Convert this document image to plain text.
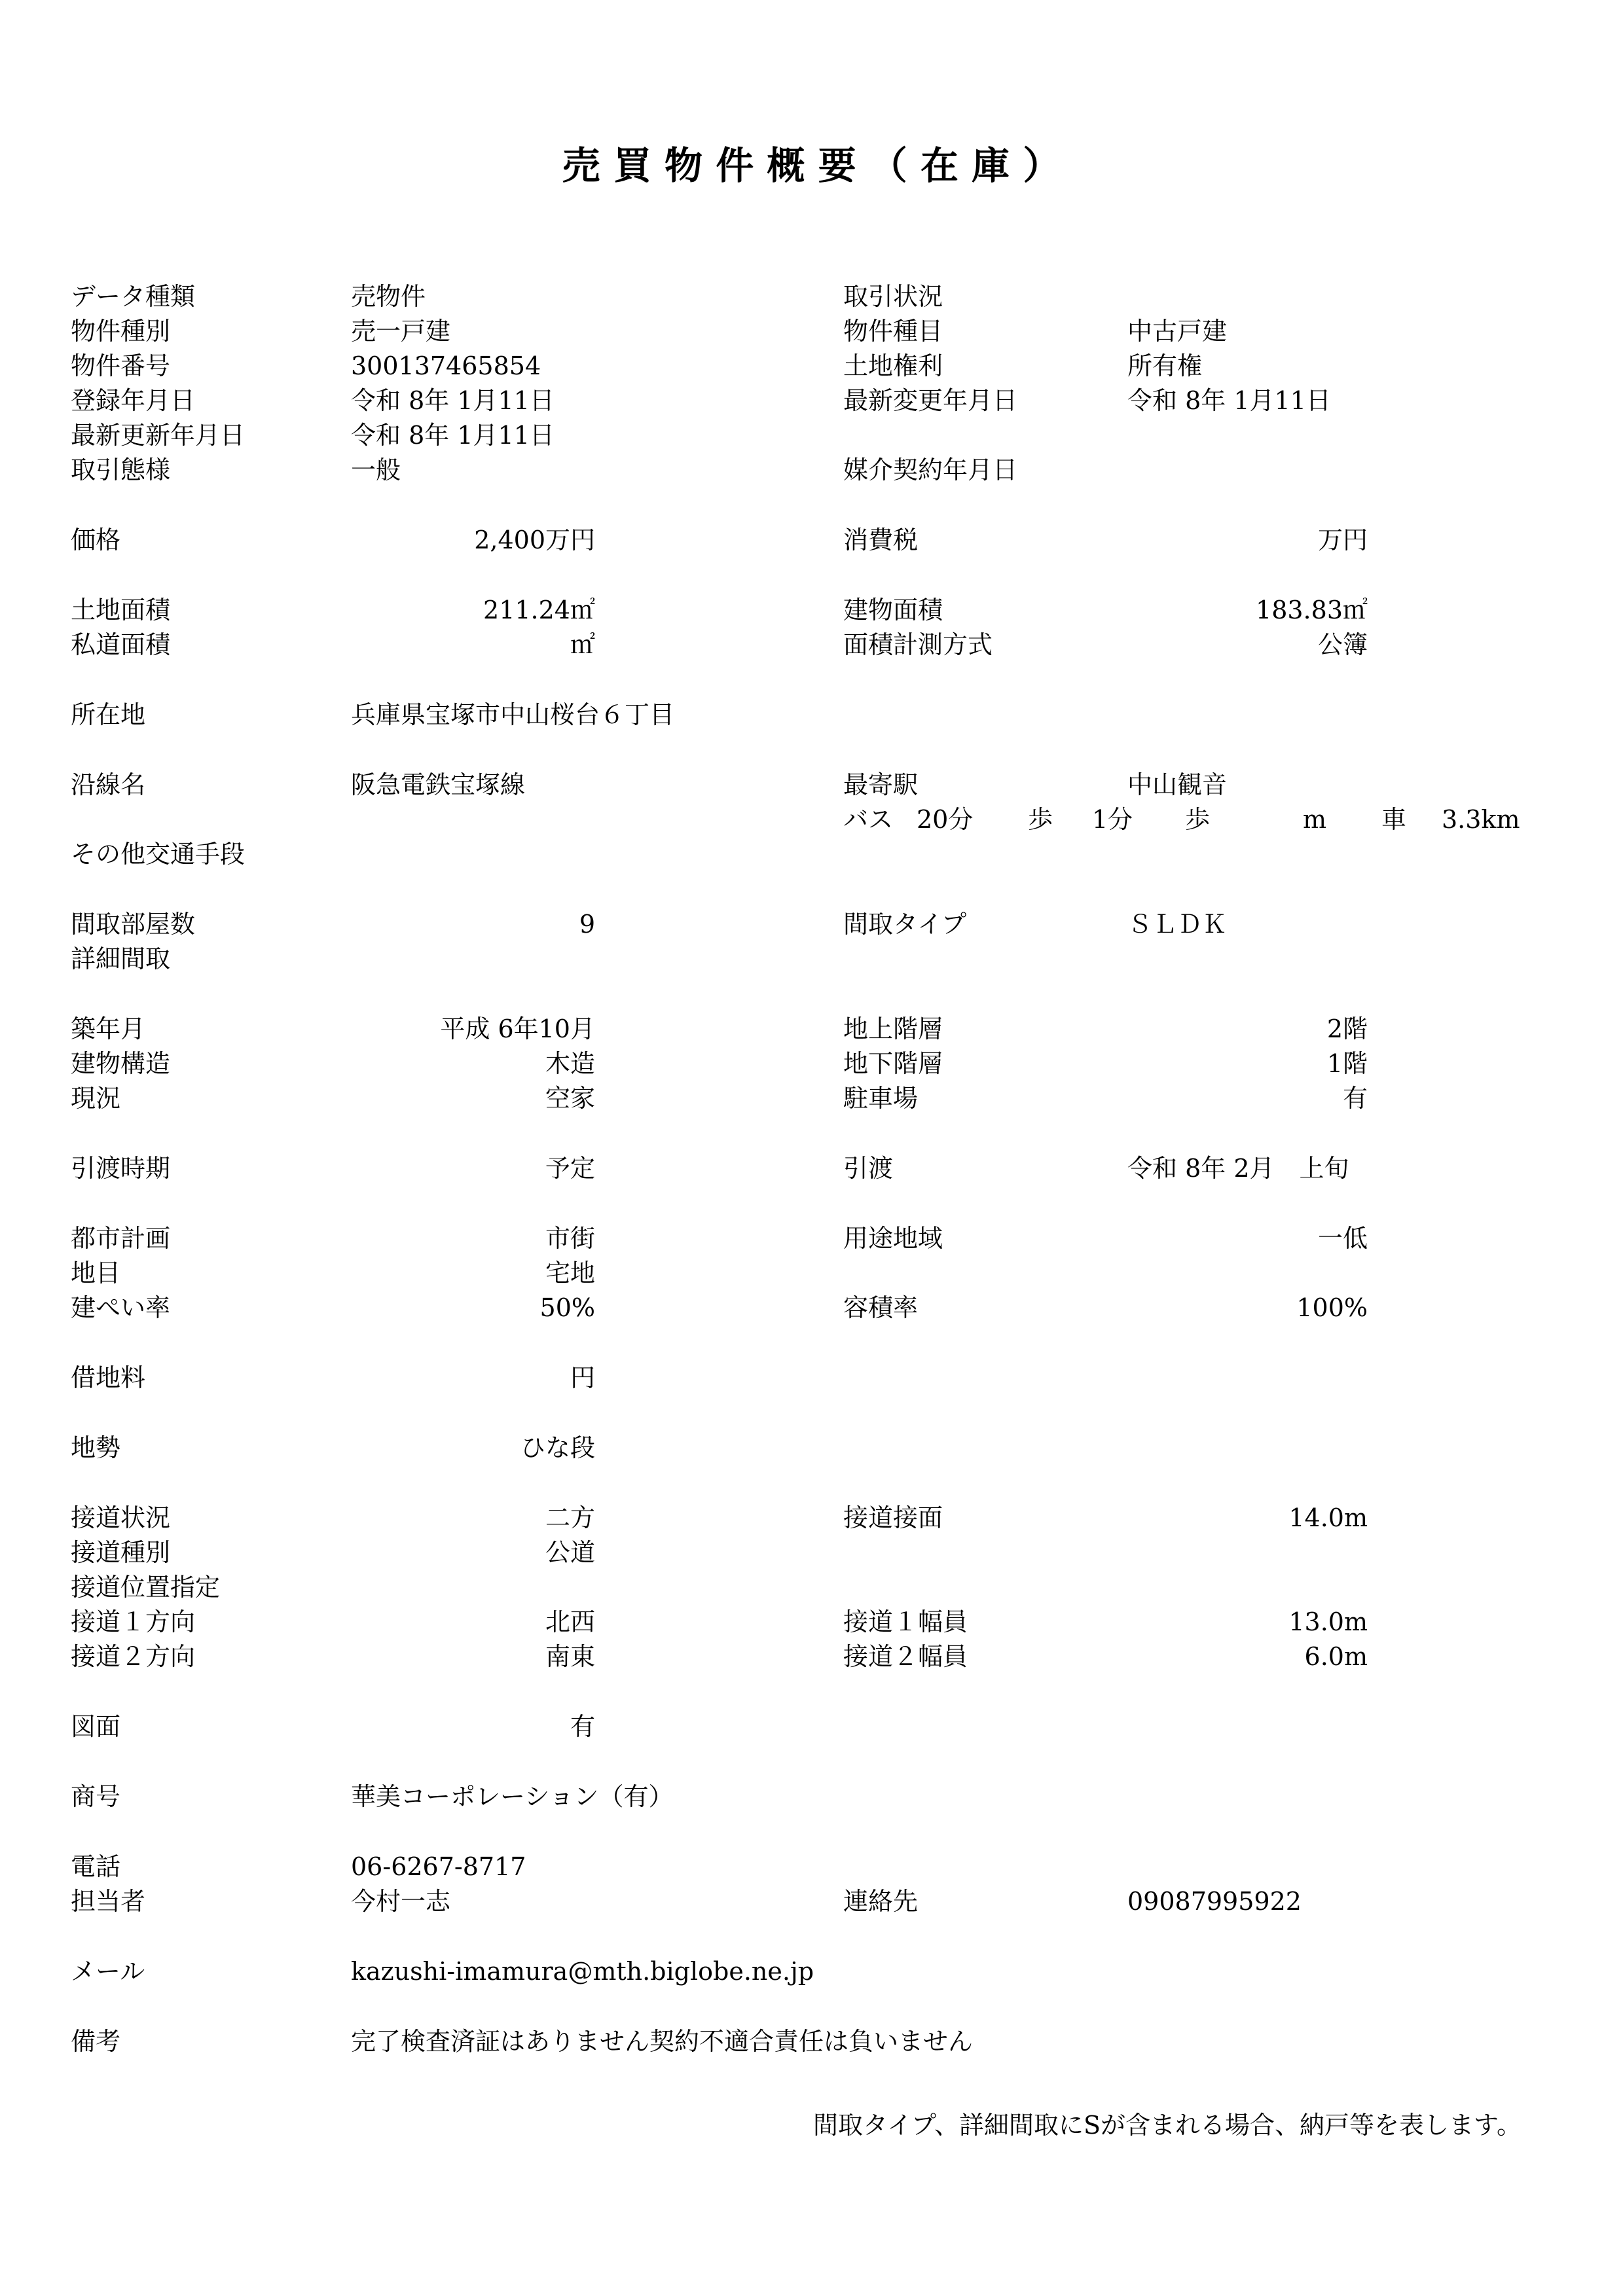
売 買 物 件 概 要 （ 在 庫 ）
データ種類	売物件	取引状況
物件種別	売一戸建	物件種目	中古戸建
物件番号	300137465854	土地権利	所有権
登録年月日	令和 8年 1月11日	最新変更年月日	令和 8年 1月11日
最新更新年月日	令和 8年 1月11日
取引態様	一般	媒介契約年月日
価格	2,400万円	消費税	万円
土地面積	211.24㎡	建物面積	183.83㎡
私道面積	㎡	面積計測方式	公簿
所在地	兵庫県宝塚市中山桜台６丁目
沿線名	阪急電鉄宝塚線	最寄駅	中山観音
バス 20分 歩 1分 歩	m 車 3.3km
その他交通手段
間取部屋数	9	間取タイプ	ＳＬＤＫ
詳細間取
築年月	平成 6年10月	地上階層	2階
建物構造	木造	地下階層	1階
現況	空家	駐車場	有
引渡時期	予定	引渡	令和 8年 2月　上旬
都市計画	市街	用途地域	一低
地目	宅地
建ぺい率	50%	容積率	100%
借地料	円
地勢	ひな段
接道状況	二方	接道接面	14.0m
接道種別	公道
接道位置指定
接道１方向	北西	接道１幅員	13.0m
接道２方向	南東	接道２幅員	6.0m
図面	有
商号	華美コーポレーション（有）
電話	06-6267-8717
担当者	今村一志	連絡先	09087995922
メール	kazushi-imamura@mth.biglobe.ne.jp
備考	完了検査済証はありません契約不適合責任は負いません
間取タイプ、詳細間取にSが含まれる場合、納戸等を表します。
